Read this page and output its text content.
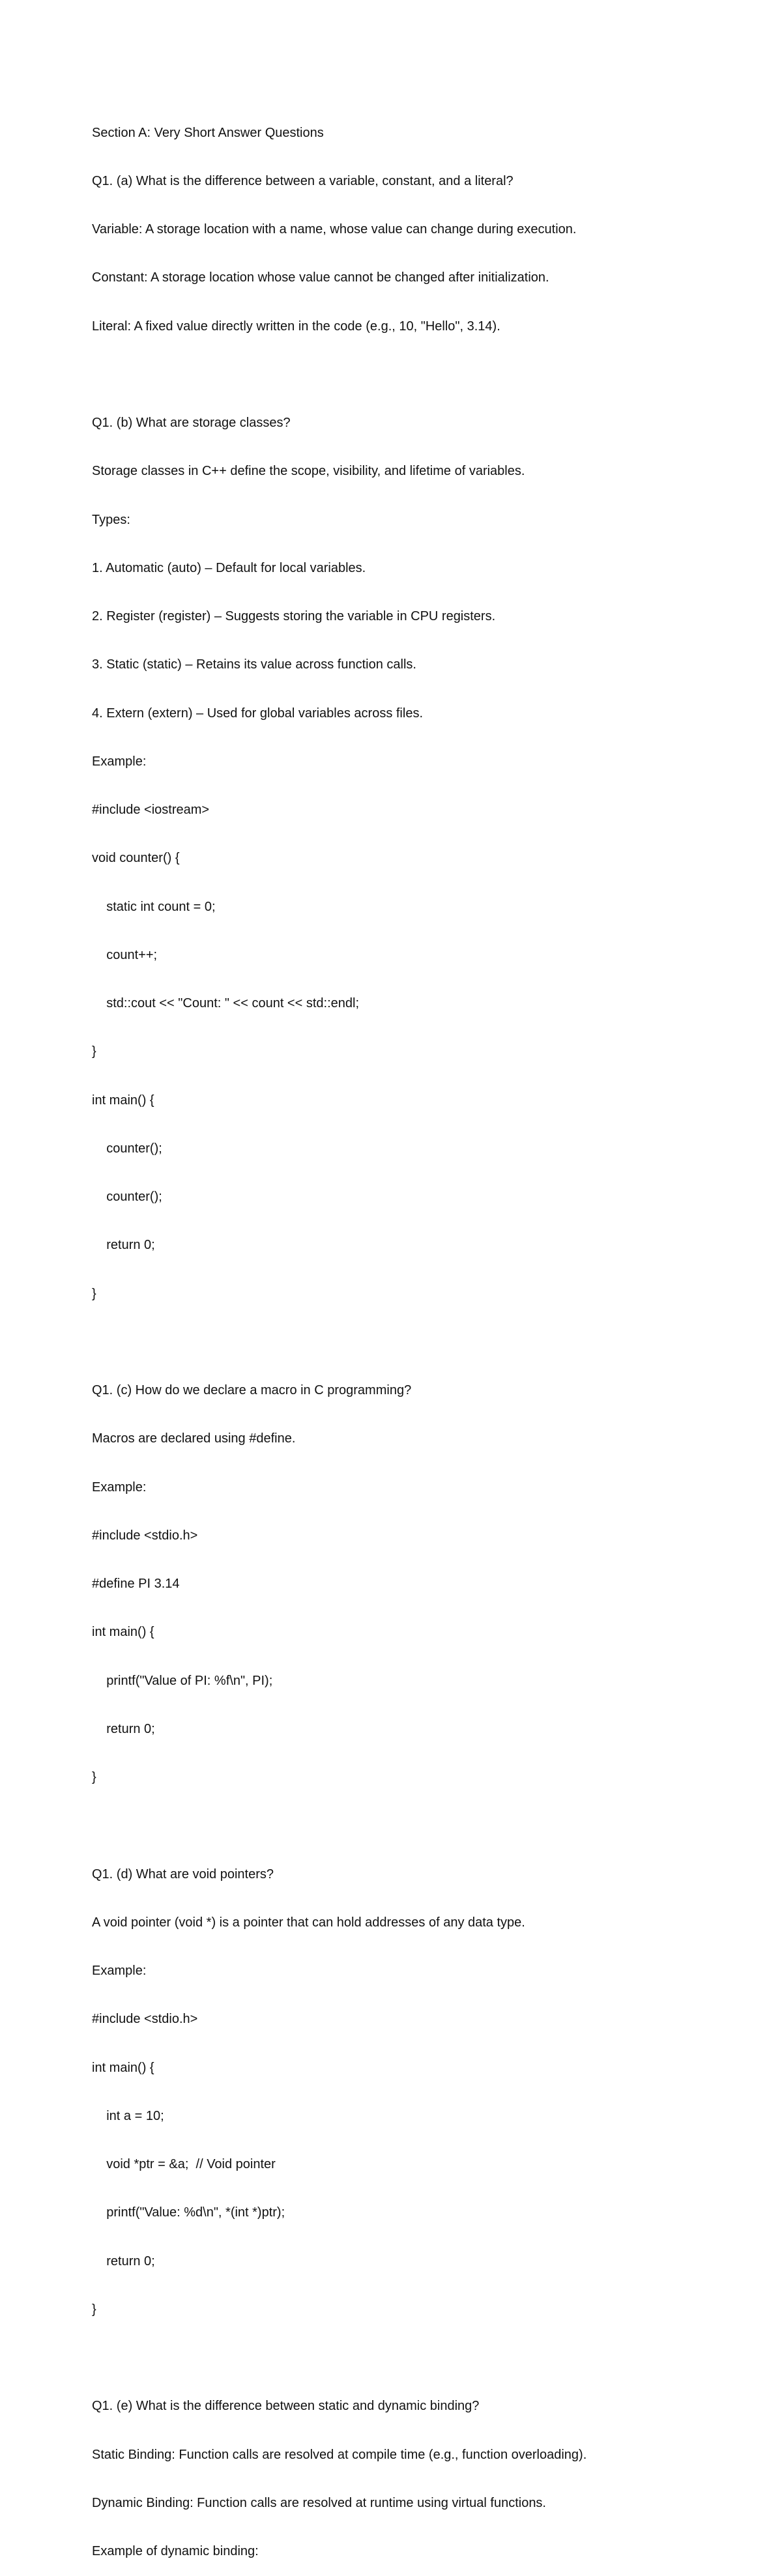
Section A: Very Short Answer Questions

Q1. (a) What is the difference between a variable, constant, and a literal?

Variable: A storage location with a name, whose value can change during execution.

Constant: A storage location whose value cannot be changed after initialization.

Literal: A fixed value directly written in the code (e.g., 10, "Hello", 3.14).

Q1. (b) What are storage classes?

Storage classes in C++ define the scope, visibility, and lifetime of variables.

Types:

1. Automatic (auto) – Default for local variables.

2. Register (register) – Suggests storing the variable in CPU registers.

3. Static (static) – Retains its value across function calls.

4. Extern (extern) – Used for global variables across files.

Example:

#include <iostream>

void counter() {

static int count = 0;

count++;

std::cout << "Count: " << count << std::endl;

}

int main() {

counter();

counter();

return 0;

}

Q1. (c) How do we declare a macro in C programming?

Macros are declared using #define.

Example:

#include <stdio.h>

#define PI 3.14

int main() {

printf("Value of PI: %f\n", PI);

return 0;

}

Q1. (d) What are void pointers?

A void pointer (void *) is a pointer that can hold addresses of any data type.

Example:

#include <stdio.h>

int main() {

int a = 10;

void *ptr = &a;  // Void pointer

printf("Value: %d\n", *(int *)ptr);

return 0;

}

Q1. (e) What is the difference between static and dynamic binding?

Static Binding: Function calls are resolved at compile time (e.g., function overloading).

Dynamic Binding: Function calls are resolved at runtime using virtual functions.

Example of dynamic binding:
